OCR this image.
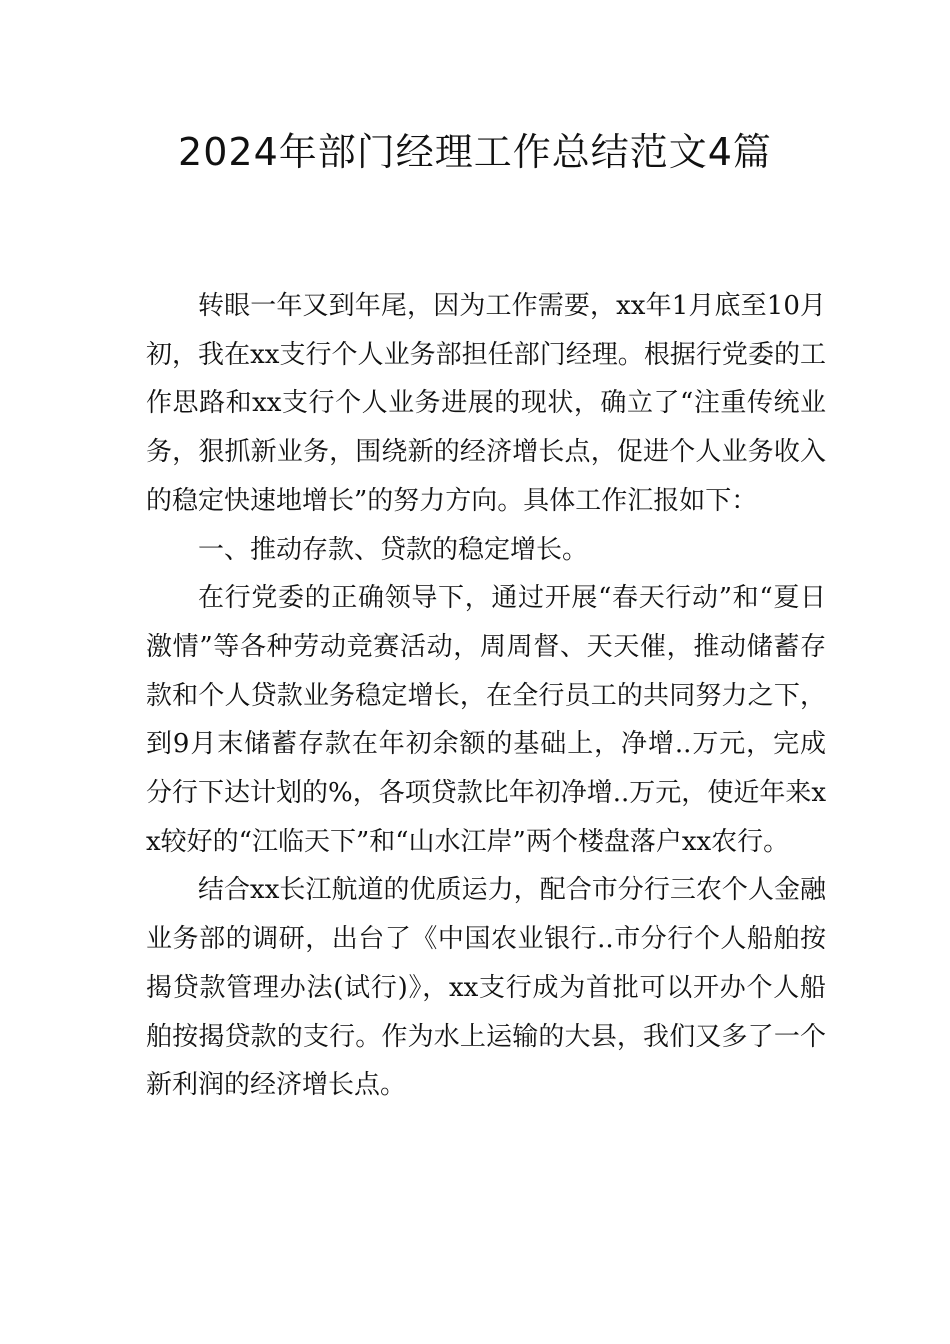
2024年部门经理工作总结范文4篇

转眼一年又到年尾，因为工作需要，xx年1月底至10月初，我在xx支行个人业务部担任部门经理。根据行党委的工作思路和xx支行个人业务进展的现状，确立了“注重传统业务，狠抓新业务，围绕新的经济增长点，促进个人业务收入的稳定快速地增长”的努力方向。具体工作汇报如下：

一、推动存款、贷款的稳定增长。

在行党委的正确领导下，通过开展“春天行动”和“夏日激情”等各种劳动竞赛活动，周周督、天天催，推动储蓄存款和个人贷款业务稳定增长，在全行员工的共同努力之下，到9月末储蓄存款在年初余额的基础上，净增..万元，完成分行下达计划的%，各项贷款比年初净增..万元，使近年来xx较好的“江临天下”和“山水江岸”两个楼盘落户xx农行。

结合xx长江航道的优质运力，配合市分行三农个人金融业务部的调研，出台了《中国农业银行..市分行个人船舶按揭贷款管理办法(试行)》，xx支行成为首批可以开办个人船舶按揭贷款的支行。作为水上运输的大县，我们又多了一个新利润的经济增长点。
